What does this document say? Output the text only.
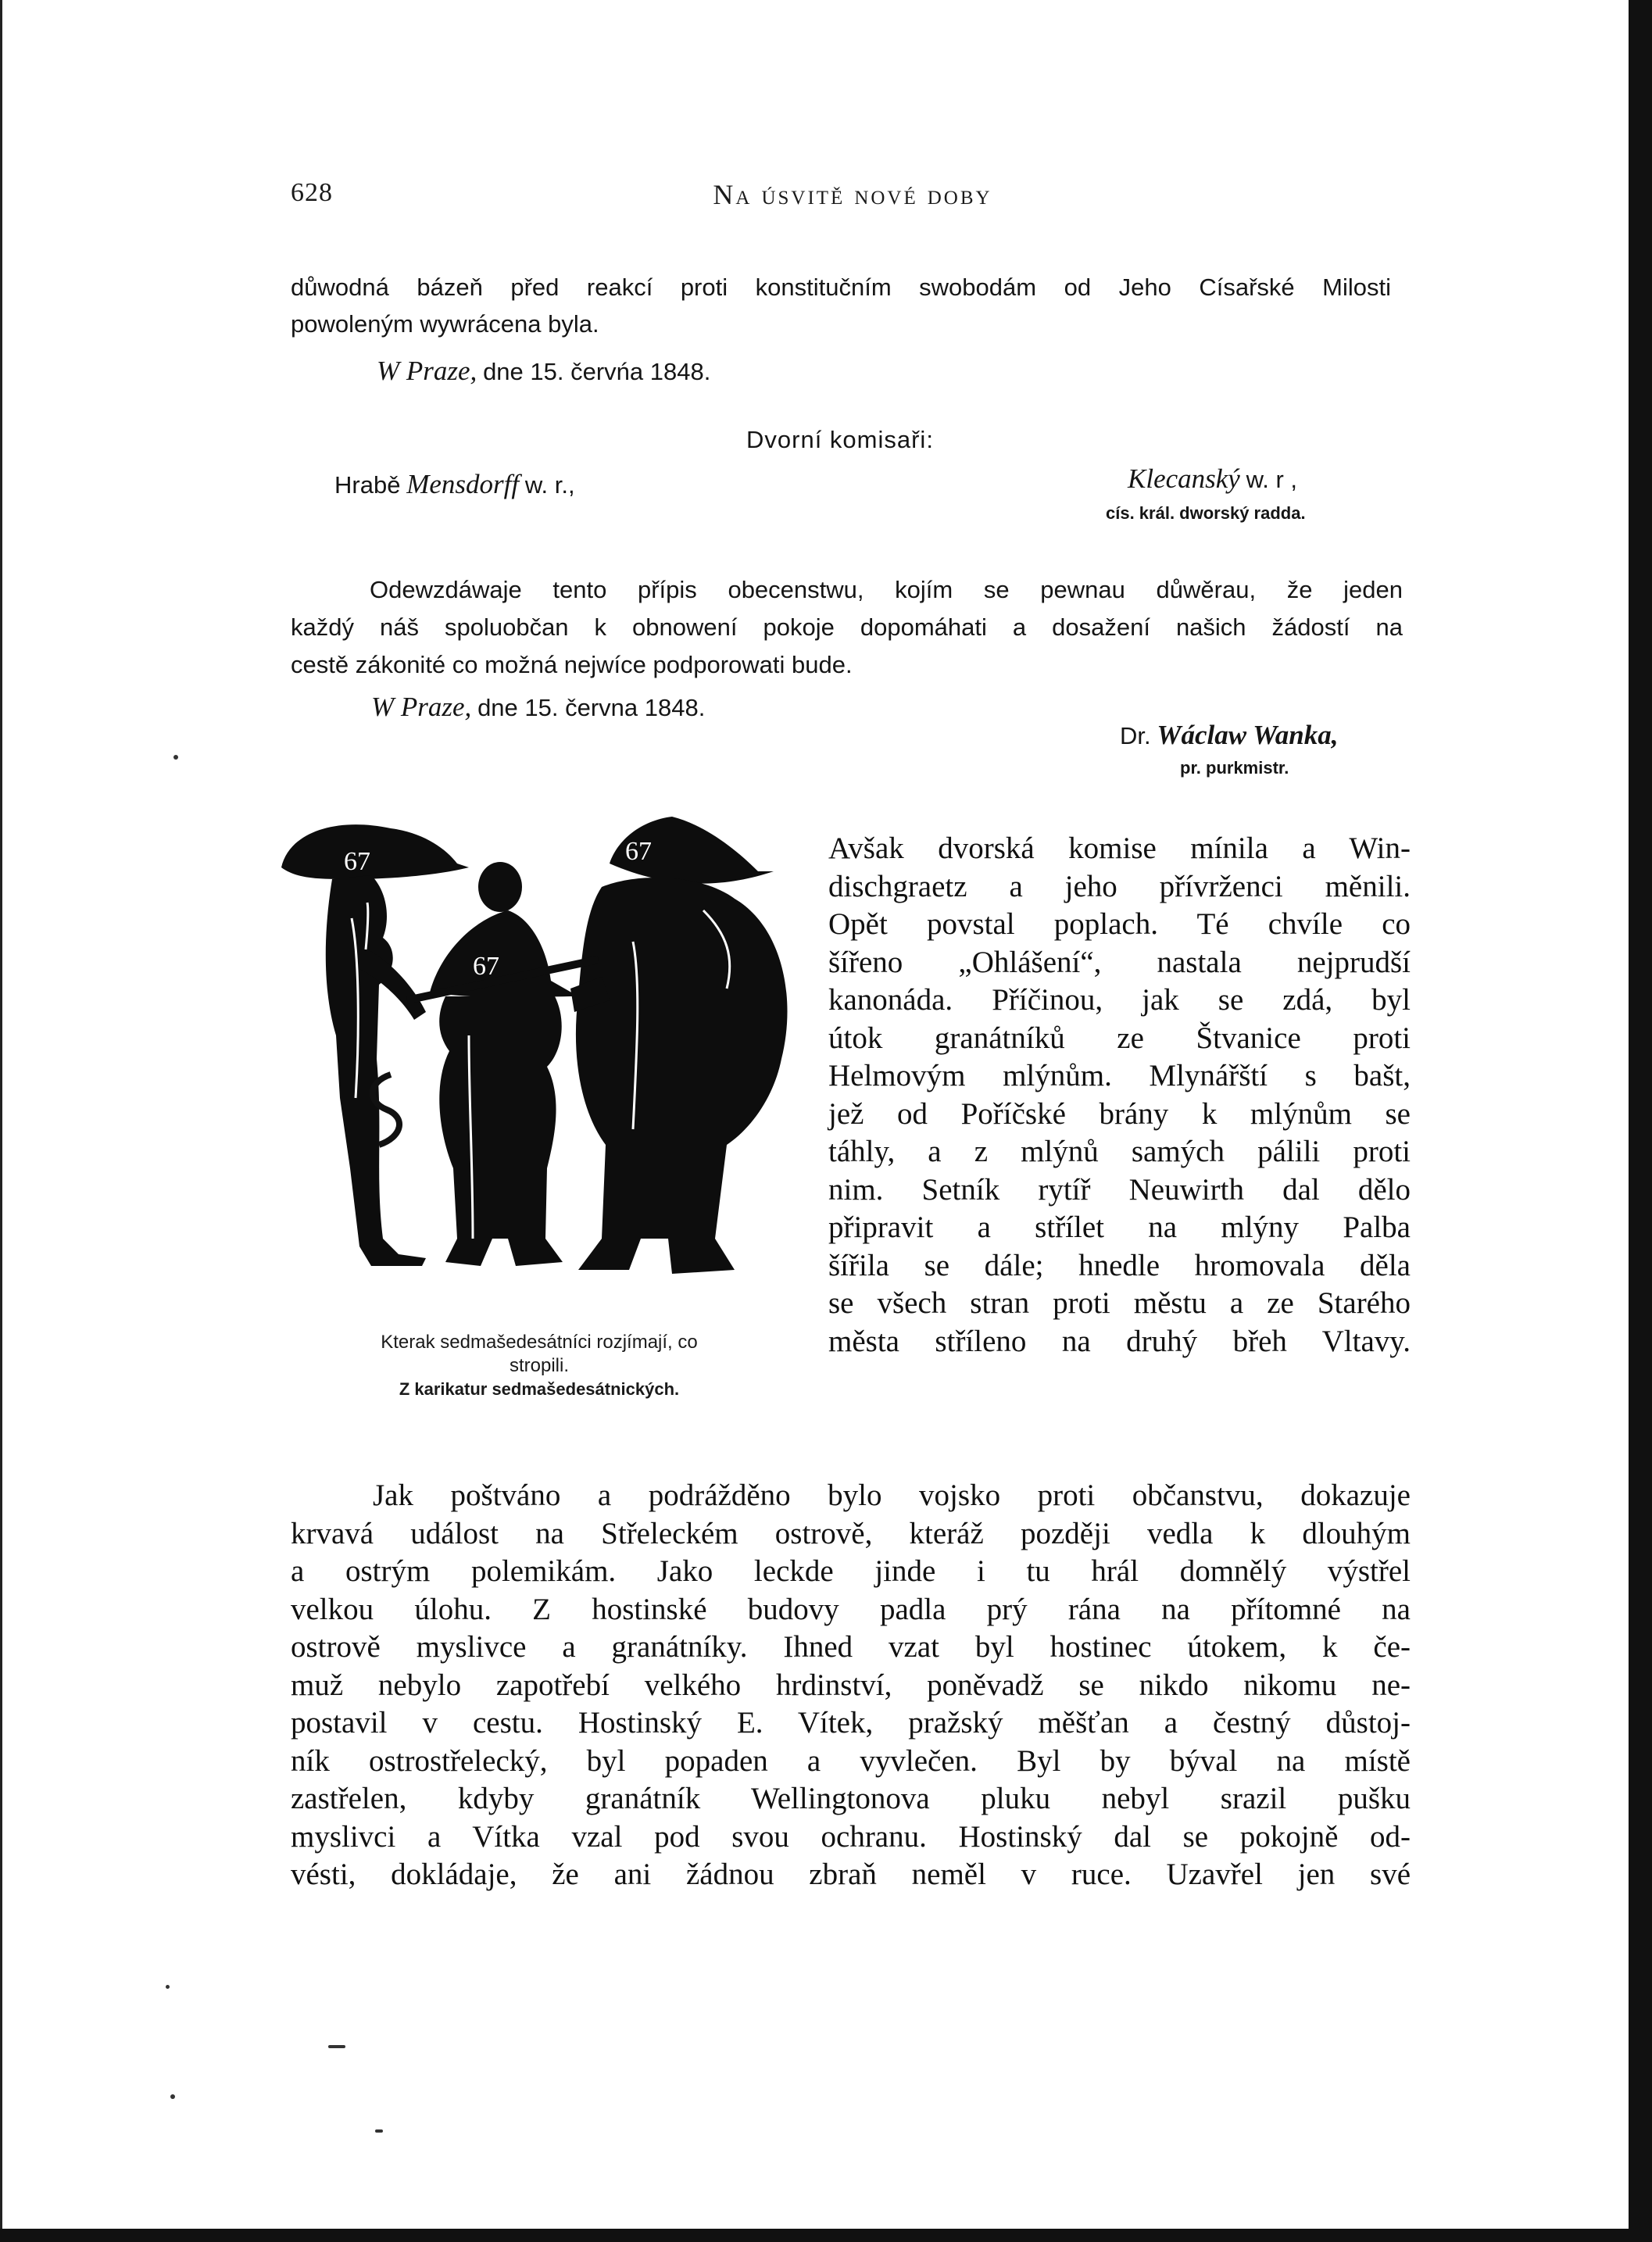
628	Na úsvitě nové doby
důwodná bázeň před reakcí proti konstitučním swobodám od Jeho Císařské Milosti
powoleným wywrácena byla.
W Praze, dne 15. červńa 1848.
Dvorní komisaři:
Hrabě Mensdorff w. r.,	Klecanský w. r ,
cís. král. dworský radda.
Odewzdáwaje tento přípis obecenstwu, kojím se pewnau důwěrau, že jeden
každý náš spoluobčan k obnowení pokoje dopomáhati a dosažení našich žádostí na
cestě zákonité co možná nejwíce podporowati bude.
W Praze, dne 15. června 1848.
Dr. Wáclaw Wanka,
pr. purkmistr.
67
67
67
Kterak sedmašedesátníci rozjímají, co
stropili.
Z karikatur sedmašedesátnických.
Avšak dvorská komise mínila a Win-
dischgraetz a jeho přívrženci měnili.
Opět povstal poplach. Té chvíle co
šířeno „Ohlášení“, nastala nejprudší
kanonáda. Příčinou, jak se zdá, byl
útok granátníků ze Štvanice proti
Helmovým mlýnům. Mlynářští s bašt,
jež od Poříčské brány k mlýnům se
táhly, a z mlýnů samých pálili proti
nim. Setník rytíř Neuwirth dal dělo
připravit a střílet na mlýny Palba
šířila se dále; hnedle hromovala děla
se všech stran proti městu a ze Starého
města stříleno na druhý břeh Vltavy.
Jak poštváno a podrážděno bylo vojsko proti občanstvu, dokazuje
krvavá událost na Střeleckém ostrově, kteráž později vedla k dlouhým
a ostrým polemikám. Jako leckde jinde i tu hrál domnělý výstřel
velkou úlohu. Z hostinské budovy padla prý rána na přítomné na
ostrově myslivce a granátníky. Ihned vzat byl hostinec útokem, k če-
muž nebylo zapotřebí velkého hrdinství, poněvadž se nikdo nikomu ne-
postavil v cestu. Hostinský E. Vítek, pražský měšťan a čestný důstoj-
ník ostrostřelecký, byl popaden a vyvlečen. Byl by býval na místě
zastřelen, kdyby granátník Wellingtonova pluku nebyl srazil pušku
myslivci a Vítka vzal pod svou ochranu. Hostinský dal se pokojně od-
vésti, dokládaje, že ani žádnou zbraň neměl v ruce. Uzavřel jen své
